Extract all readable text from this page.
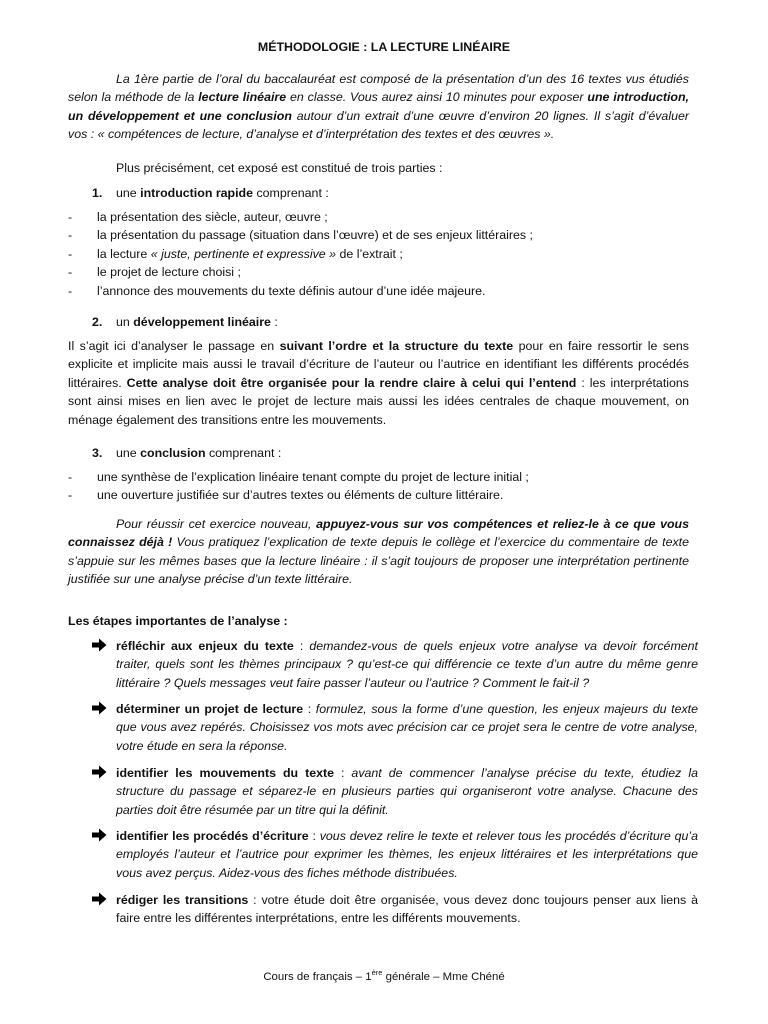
MÉTHODOLOGIE : LA LECTURE LINÉAIRE

La 1ère partie de l’oral du baccalauréat est composé de la présentation d’un des 16 textes vus étudiés selon la méthode de la lecture linéaire en classe. Vous aurez ainsi 10 minutes pour exposer une introduction, un développement et une conclusion autour d’un extrait d’une œuvre d’environ 20 lignes. Il s’agit d’évaluer vos : « compétences de lecture, d’analyse et d’interprétation des textes et des œuvres ».

Plus précisément, cet exposé est constitué de trois parties :

1. une introduction rapide comprenant :

- la présentation des siècle, auteur, œuvre ;
- la présentation du passage (situation dans l’œuvre) et de ses enjeux littéraires ;
- la lecture « juste, pertinente et expressive » de l’extrait ;
- le projet de lecture choisi ;
- l’annonce des mouvements du texte définis autour d’une idée majeure.

2. un développement linéaire :

Il s’agit ici d’analyser le passage en suivant l’ordre et la structure du texte pour en faire ressortir le sens explicite et implicite mais aussi le travail d’écriture de l’auteur ou l’autrice en identifiant les différents procédés littéraires. Cette analyse doit être organisée pour la rendre claire à celui qui l’entend : les interprétations sont ainsi mises en lien avec le projet de lecture mais aussi les idées centrales de chaque mouvement, on ménage également des transitions entre les mouvements.

3. une conclusion comprenant :

- une synthèse de l’explication linéaire tenant compte du projet de lecture initial ;
- une ouverture justifiée sur d’autres textes ou éléments de culture littéraire.

Pour réussir cet exercice nouveau, appuyez-vous sur vos compétences et reliez-le à ce que vous connaissez déjà ! Vous pratiquez l’explication de texte depuis le collège et l’exercice du commentaire de texte s’appuie sur les mêmes bases que la lecture linéaire : il s’agit toujours de proposer une interprétation pertinente justifiée sur une analyse précise d’un texte littéraire.

Les étapes importantes de l’analyse :

réfléchir aux enjeux du texte : demandez-vous de quels enjeux votre analyse va devoir forcément traiter, quels sont les thèmes principaux ? qu’est-ce qui différencie ce texte d’un autre du même genre littéraire ? Quels messages veut faire passer l’auteur ou l’autrice ? Comment le fait-il ?
déterminer un projet de lecture : formulez, sous la forme d’une question, les enjeux majeurs du texte que vous avez repérés. Choisissez vos mots avec précision car ce projet sera le centre de votre analyse, votre étude en sera la réponse.
identifier les mouvements du texte : avant de commencer l’analyse précise du texte, étudiez la structure du passage et séparez-le en plusieurs parties qui organiseront votre analyse. Chacune des parties doit être résumée par un titre qui la définit.
identifier les procédés d’écriture : vous devez relire le texte et relever tous les procédés d’écriture qu’a employés l’auteur et l’autrice pour exprimer les thèmes, les enjeux littéraires et les interprétations que vous avez perçus. Aidez-vous des fiches méthode distribuées.
rédiger les transitions : votre étude doit être organisée, vous devez donc toujours penser aux liens à faire entre les différentes interprétations, entre les différents mouvements.

Cours de français – 1ère générale – Mme Chéné
